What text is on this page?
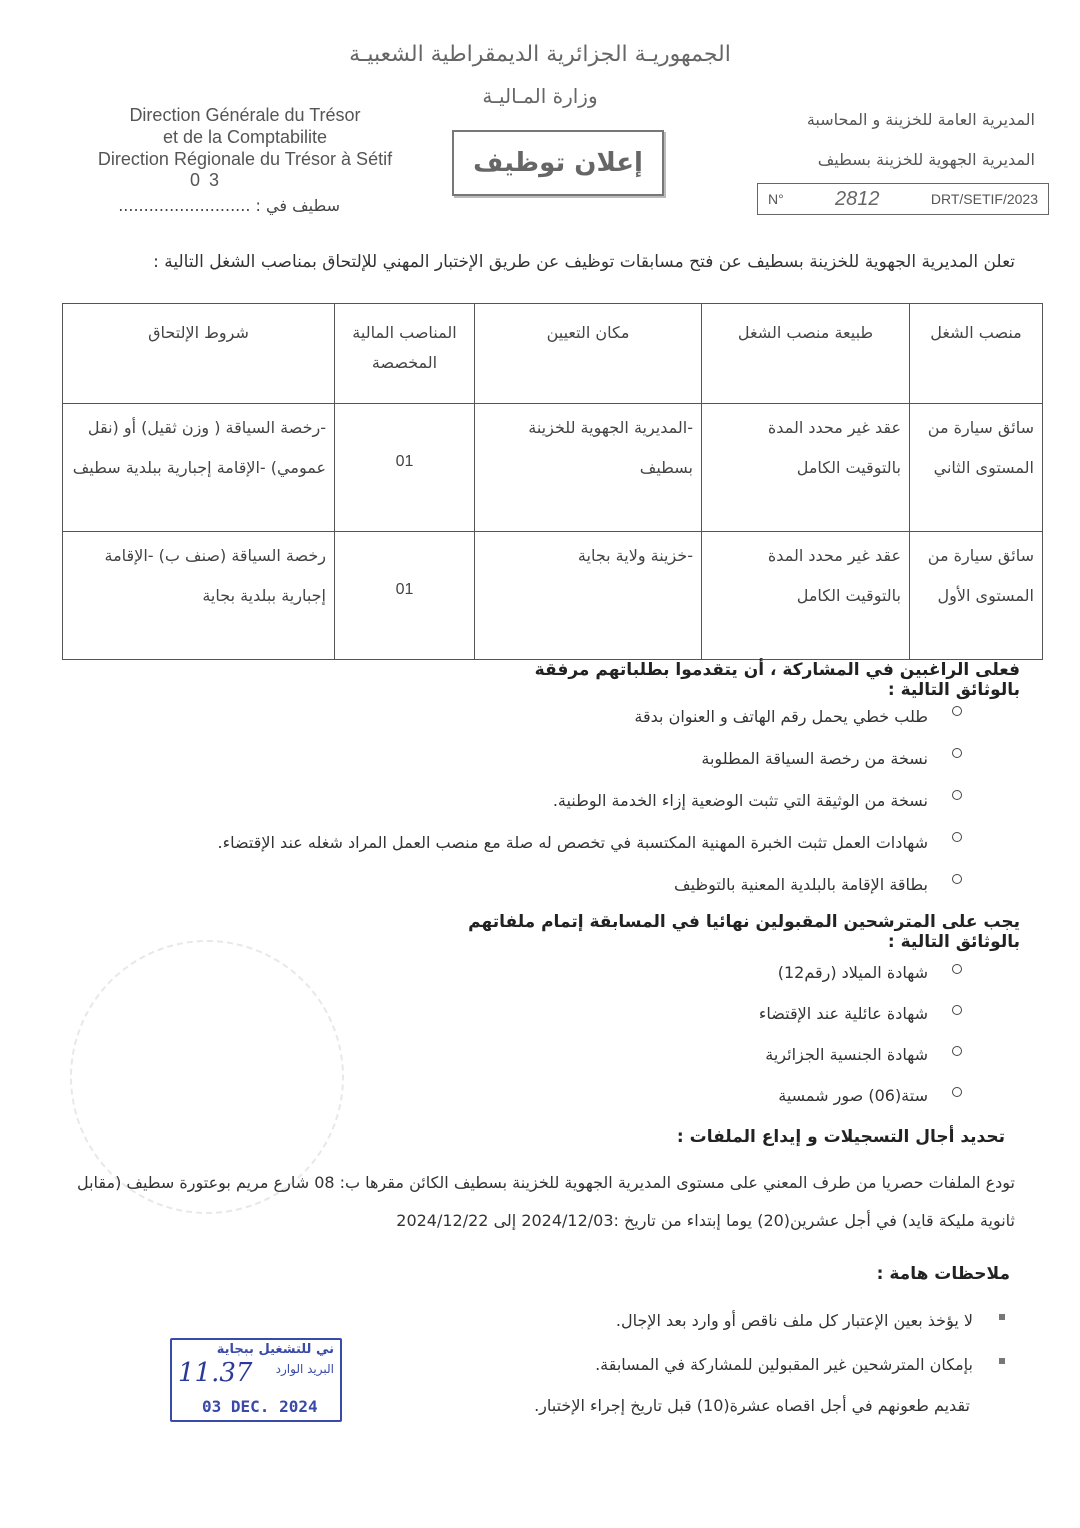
الجمهوريـة الجزائرية الديمقراطية الشعبيـة
وزارة المـاليـة
Direction Générale du Trésor
et de la Comptabilite
Direction Régionale du Trésor à Sétif
0 3
سطيف في : ..........................
المديرية العامة للخزينة و المحاسبة
المديرية الجهوية للخزينة بسطيف
إعلان توظيف
N°	2812	DRT/SETIF/2023
تعلن المديرية الجهوية للخزينة بسطيف عن فتح مسابقات توظيف عن طريق الإختبار المهني للإلتحاق بمناصب الشغل التالية :
منصب الشغل	طبيعة منصب الشغل	مكان التعيين	المناصب المالية المخصصة	شروط الإلتحاق
سائق سيارة من المستوى الثاني	عقد غير محدد المدة بالتوقيت الكامل	-المديرية الجهوية للخزينة بسطيف	01	-رخصة السياقة ( وزن ثقيل) أو (نقل عمومي) -الإقامة إجبارية ببلدية سطيف
سائق سيارة من المستوى الأول	عقد غير محدد المدة بالتوقيت الكامل	-خزينة ولاية بجاية	01	رخصة السياقة (صنف ب) -الإقامة إجبارية ببلدية بجاية
فعلى الراغبين في المشاركة ، أن يتقدموا بطلباتهم مرفقة بالوثائق التالية :
طلب خطي يحمل رقم الهاتف و العنوان بدقة
نسخة من رخصة السياقة المطلوبة
نسخة من الوثيقة التي تثبت الوضعية إزاء الخدمة الوطنية.
شهادات العمل تثبت الخبرة المهنية المكتسبة في تخصص له صلة مع منصب العمل المراد شغله عند الإقتضاء.
بطاقة الإقامة بالبلدية المعنية بالتوظيف
يجب على المترشحين المقبولين نهائيا في المسابقة إتمام ملفاتهم بالوثائق التالية :
شهادة الميلاد (رقم12)
شهادة عائلية عند الإقتضاء
شهادة الجنسية الجزائرية
ستة(06) صور شمسية
تحديد أجال التسجيلات و إيداع الملفات :
تودع الملفات حصريا من طرف المعني على مستوى المديرية الجهوية للخزينة بسطيف الكائن مقرها ب: 08 شارع مريم بوعتورة سطيف (مقابل ثانوية مليكة قايد) في أجل عشرين(20) يوما إبتداء من تاريخ :2024/12/03 إلى 2024/12/22
ملاحظات هامة :
لا يؤخذ بعين الإعتبار كل ملف ناقص أو وارد بعد الإجال.
بإمكان المترشحين غير المقبولين للمشاركة في المسابقة.
تقديم طعونهم في أجل اقصاه عشرة(10) قبل تاريخ إجراء الإختبار.
ني للتشغيل ببجاية
البريد الوارد
11.37
03 DEC. 2024
